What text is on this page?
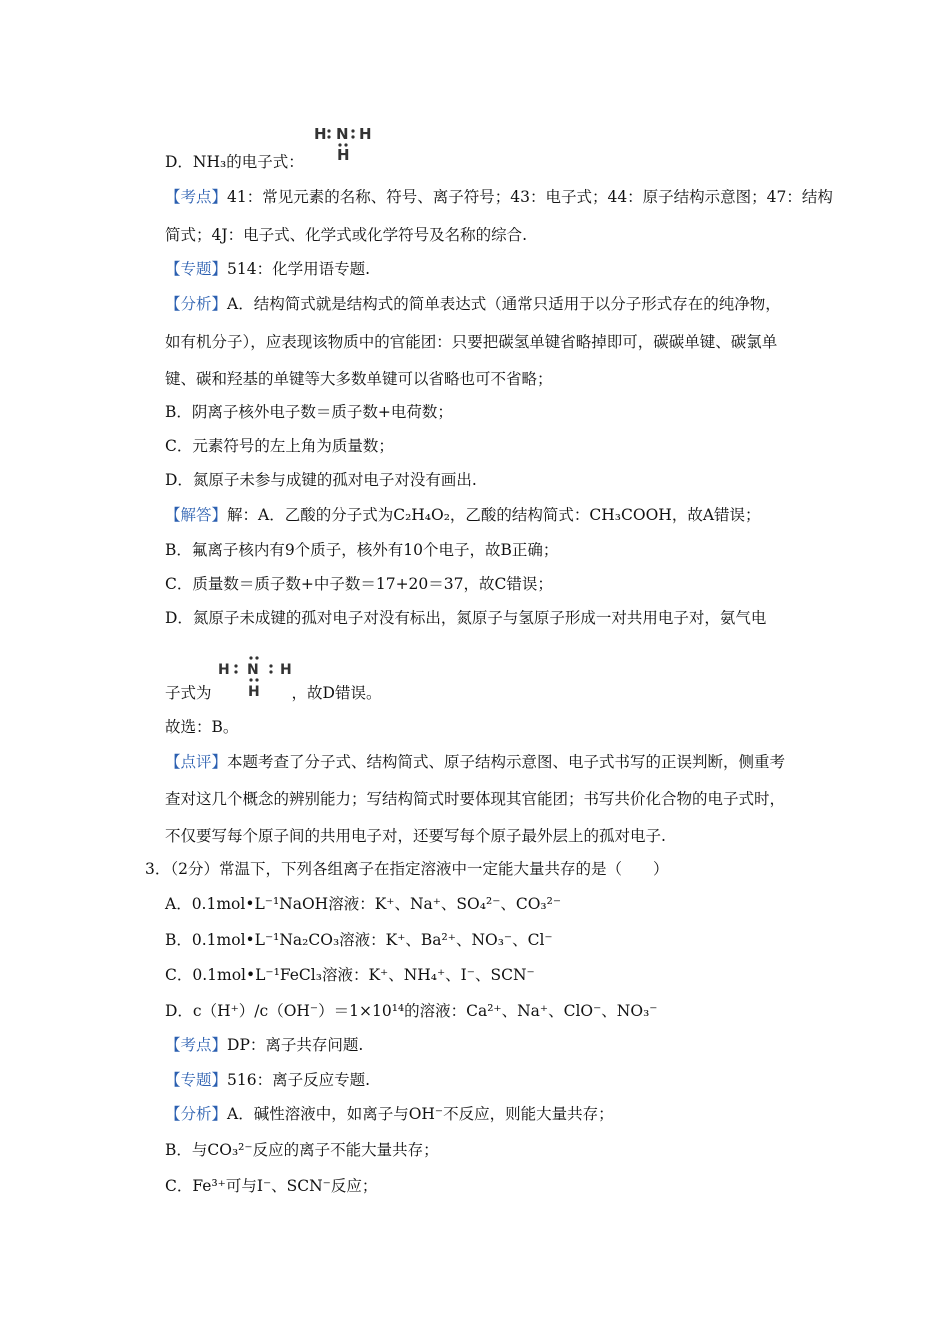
H N H
H
D．NH₃的电子式：
【考点】41：常见元素的名称、符号、离子符号；43：电子式；44：原子结构示意图；47：结构
简式；4J：电子式、化学式或化学符号及名称的综合.
【专题】514：化学用语专题.
【分析】A．结构简式就是结构式的简单表达式（通常只适用于以分子形式存在的纯净物，
如有机分子），应表现该物质中的官能团：只要把碳氢单键省略掉即可，碳碳单键、碳氯单
键、碳和羟基的单键等大多数单键可以省略也可不省略；
B．阴离子核外电子数＝质子数+电荷数；
C．元素符号的左上角为质量数；
D．氮原子未参与成键的孤对电子对没有画出.
【解答】解：A．乙酸的分子式为C₂H₄O₂，乙酸的结构简式：CH₃COOH，故A错误；
B．氟离子核内有9个质子，核外有10个电子，故B正确；
C．质量数＝质子数+中子数＝17+20＝37，故C错误；
D．氮原子未成键的孤对电子对没有标出，氮原子与氢原子形成一对共用电子对，氨气电
H N H
H
子式为	，故D错误。
故选：B。
【点评】本题考查了分子式、结构简式、原子结构示意图、电子式书写的正误判断，侧重考
查对这几个概念的辨别能力；写结构简式时要体现其官能团；书写共价化合物的电子式时，
不仅要写每个原子间的共用电子对，还要写每个原子最外层上的孤对电子.
3．（2分）常温下，下列各组离子在指定溶液中一定能大量共存的是（　　）
A．0.1mol•L⁻¹NaOH溶液：K⁺、Na⁺、SO₄²⁻、CO₃²⁻
B．0.1mol•L⁻¹Na₂CO₃溶液：K⁺、Ba²⁺、NO₃⁻、Cl⁻
C．0.1mol•L⁻¹FeCl₃溶液：K⁺、NH₄⁺、I⁻、SCN⁻
D．c（H⁺）/c（OH⁻）＝1×10¹⁴的溶液：Ca²⁺、Na⁺、ClO⁻、NO₃⁻
【考点】DP：离子共存问题.
【专题】516：离子反应专题.
【分析】A．碱性溶液中，如离子与OH⁻不反应，则能大量共存；
B．与CO₃²⁻反应的离子不能大量共存；
C．Fe³⁺可与I⁻、SCN⁻反应；
